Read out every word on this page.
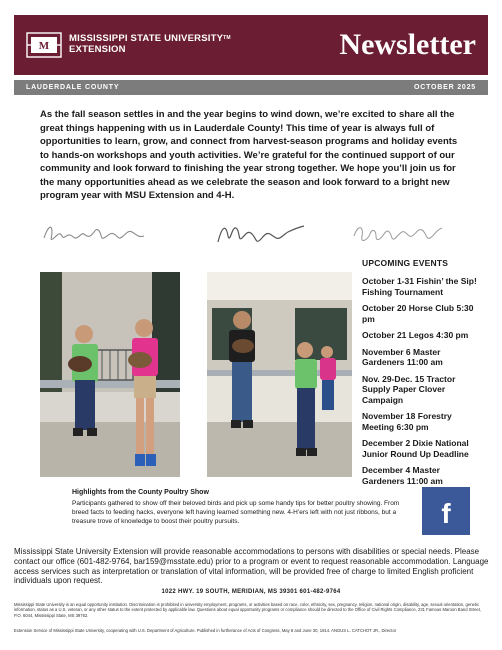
M
MISSISSIPPI STATE UNIVERSITY™
EXTENSION	Newsletter
LAUDERDALE COUNTY	OCTOBER 2025

As the fall season settles in and the year begins to wind down, we’re excited to share all the great things happening with us in Lauderdale County! This time of year is always full of opportunities to learn, grow, and connect from harvest-season programs and holiday events to hands-on workshops and youth activities. We’re grateful for the continued support of our community and look forward to finishing the year strong together. We hope you’ll join us for the many opportunities ahead as we celebrate the season and look forward to a bright new program year with MSU Extension and 4-H.

UPCOMING EVENTS
October 1-31 Fishin’ the Sip! Fishing Tournament
October 20 Horse Club 5:30 pm
October 21 Legos 4:30 pm
November 6 Master Gardeners 11:00 am
Nov. 29-Dec. 15 Tractor Supply Paper Clover Campaign
November 18 Forestry Meeting 6:30 pm
December 2 Dixie National Junior Round Up Deadline
December 4 Master Gardeners 11:00 am
Highlights from the County Poultry Show

Participants gathered to show off their beloved birds and pick up some handy tips for better poultry showing. From breed facts to feeding hacks, everyone left having learned something new. 4-H’ers left with not just ribbons, but a treasure trove of knowledge to boost their poultry pursuits.	f

Mississippi State University Extension will provide reasonable accommodations to persons with disabilities or special needs. Please contact our office (601-482-9764, bar159@msstate.edu) prior to a program or event to request reasonable accommodation. Language access services such as interpretation or translation of vital information, will be provided free of charge to limited English proficient individuals upon request.

1022 HWY. 19 SOUTH, MERIDIAN, MS 39301 601-482-9764

Mississippi State University is an equal opportunity institution. Discrimination is prohibited in university employment, programs, or activities based on race, color, ethnicity, sex, pregnancy, religion, national origin, disability, age, sexual orientation, genetic information, status as a U.S. veteran, or any other status to the extent protected by applicable law. Questions about equal opportunity programs or compliance should be directed to the Office of Civil Rights Compliance, 231 Famous Maroon Band Street, P.O. 6044, Mississippi State, MS 39762.

Extension Service of Mississippi State University, cooperating with U.S. Department of Agriculture. Published in furtherance of Acts of Congress, May 8 and June 30, 1914. ANGUS L. CATCHOT JR., Director
